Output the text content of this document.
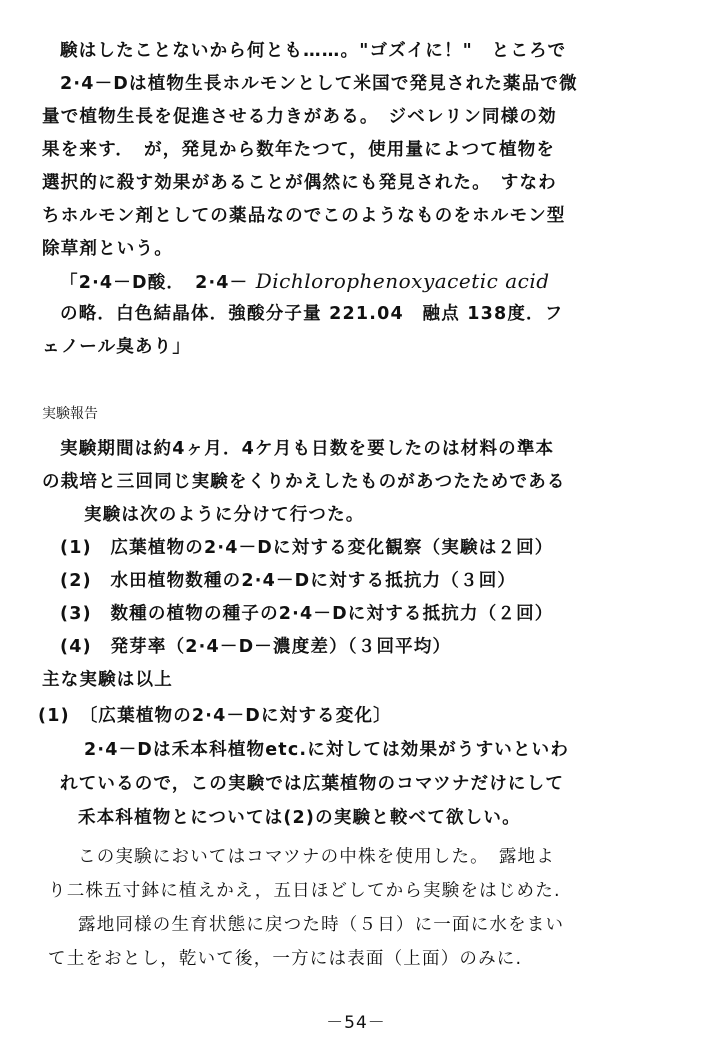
験はしたことないから何とも……。"ゴズイに！"　ところで
2·4－Dは植物生長ホルモンとして米国で発見された薬品で微
量で植物生長を促進させる力きがある。　ジベレリン同様の効
果を来す．　が，発見から数年たつて，使用量によつて植物を
選択的に殺す効果があることが偶然にも発見された。　すなわ
ちホルモン剤としての薬品なのでこのようなものをホルモン型
除草剤という。
「2·4－D酸．　2·4－ Dichlorophenoxyacetic acid
の略．白色結晶体．強酸分子量 221.04　融点 138度．フ
ェノール臭あり」
実験報告
実験期間は約4ヶ月．4ケ月も日数を要したのは材料の準本
の栽培と三回同じ実験をくりかえしたものがあつたためである
実験は次のように分けて行つた。
(1)　広葉植物の2·4－Dに対する変化観察（実験は２回）
(2)　水田植物数種の2·4－Dに対する抵抗力（３回）
(3)　数種の植物の種子の2·4－Dに対する抵抗力（２回）
(4)　発芽率（2·4－D－濃度差）（３回平均）
主な実験は以上
(1)　〔広葉植物の2·4－Dに対する変化〕
2·4－Dは禾本科植物etc.に対しては効果がうすいといわ
れているので，この実験では広葉植物のコマツナだけにして
禾本科植物とについては(2)の実験と較べて欲しい。
この実験においてはコマツナの中株を使用した。　露地よ
り二株五寸鉢に植えかえ，五日ほどしてから実験をはじめた.
露地同様の生育状態に戻つた時（５日）に一面に水をまい
て土をおとし，乾いて後，一方には表面（上面）のみに.
－54－
